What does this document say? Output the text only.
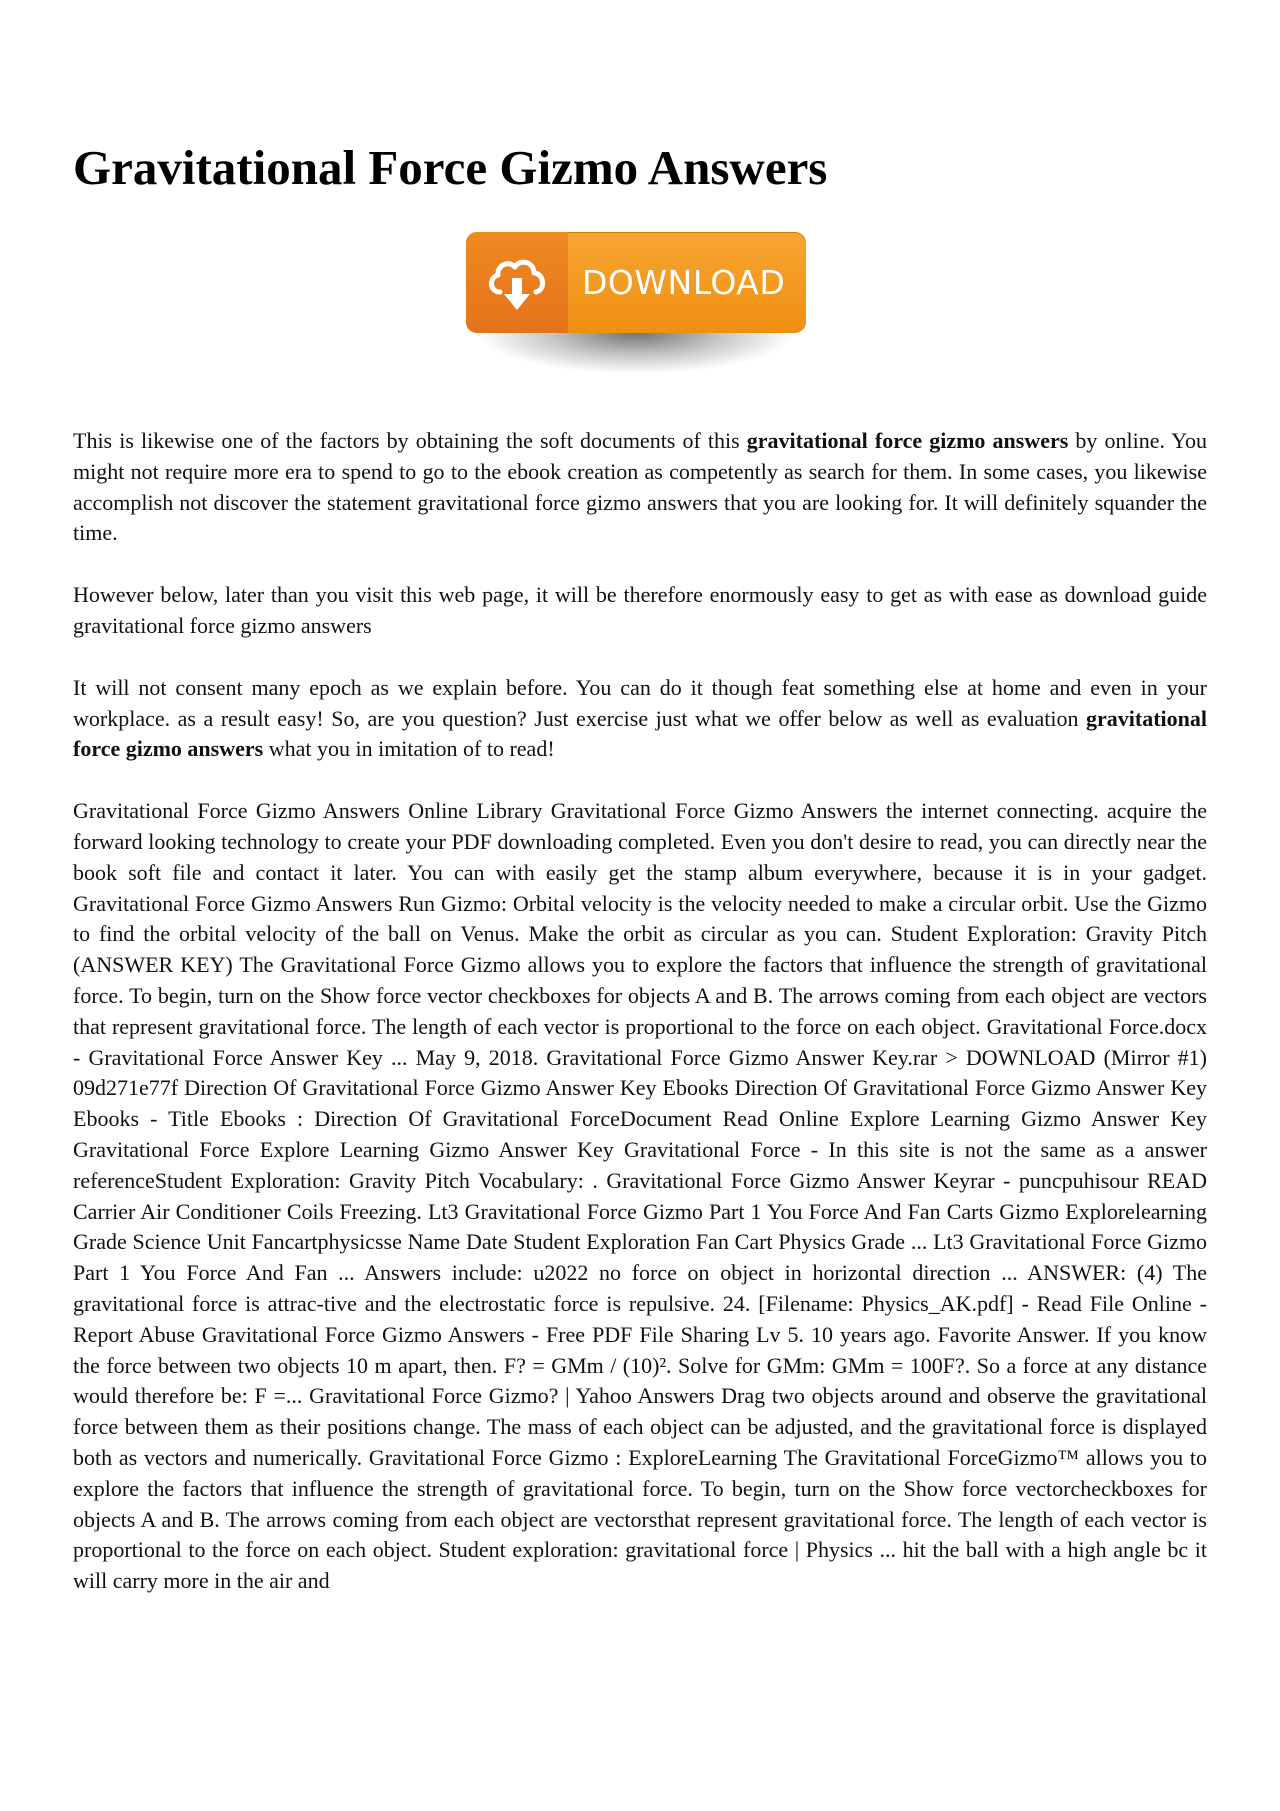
Gravitational Force Gizmo Answers
DOWNLOAD

This is likewise one of the factors by obtaining the soft documents of this gravitational force gizmo answers by online. You might not require more era to spend to go to the ebook creation as competently as search for them. In some cases, you likewise accomplish not discover the statement gravitational force gizmo answers that you are looking for. It will definitely squander the time.

However below, later than you visit this web page, it will be therefore enormously easy to get as with ease as download guide gravitational force gizmo answers

It will not consent many epoch as we explain before. You can do it though feat something else at home and even in your workplace. as a result easy! So, are you question? Just exercise just what we offer below as well as evaluation gravitational force gizmo answers what you in imitation of to read!

Gravitational Force Gizmo Answers Online Library Gravitational Force Gizmo Answers the internet connecting. acquire the forward looking technology to create your PDF downloading completed. Even you don't desire to read, you can directly near the book soft file and contact it later. You can with easily get the stamp album everywhere, because it is in your gadget. Gravitational Force Gizmo Answers Run Gizmo: Orbital velocity is the velocity needed to make a circular orbit. Use the Gizmo to find the orbital velocity of the ball on Venus. Make the orbit as circular as you can. Student Exploration: Gravity Pitch (ANSWER KEY) The Gravitational Force Gizmo allows you to explore the factors that influence the strength of gravitational force. To begin, turn on the Show force vector checkboxes for objects A and B. The arrows coming from each object are vectors that represent gravitational force. The length of each vector is proportional to the force on each object. Gravitational Force.docx - Gravitational Force Answer Key ... May 9, 2018. Gravitational Force Gizmo Answer Key.rar > DOWNLOAD (Mirror #1) 09d271e77f Direction Of Gravitational Force Gizmo Answer Key Ebooks Direction Of Gravitational Force Gizmo Answer Key Ebooks - Title Ebooks : Direction Of Gravitational ForceDocument Read Online Explore Learning Gizmo Answer Key Gravitational Force Explore Learning Gizmo Answer Key Gravitational Force - In this site is not the same as a answer referenceStudent Exploration: Gravity Pitch Vocabulary: . Gravitational Force Gizmo Answer Keyrar - puncpuhisour READ Carrier Air Conditioner Coils Freezing. Lt3 Gravitational Force Gizmo Part 1 You Force And Fan Carts Gizmo Explorelearning Grade Science Unit Fancartphysicsse Name Date Student Exploration Fan Cart Physics Grade ... Lt3 Gravitational Force Gizmo Part 1 You Force And Fan ... Answers include: u2022 no force on object in horizontal direction ... ANSWER: (4) The gravitational force is attrac-tive and the electrostatic force is repulsive. 24. [Filename: Physics_AK.pdf] - Read File Online - Report Abuse Gravitational Force Gizmo Answers - Free PDF File Sharing Lv 5. 10 years ago. Favorite Answer. If you know the force between two objects 10 m apart, then. F? = GMm / (10)². Solve for GMm: GMm = 100F?. So a force at any distance would therefore be: F =... Gravitational Force Gizmo? | Yahoo Answers Drag two objects around and observe the gravitational force between them as their positions change. The mass of each object can be adjusted, and the gravitational force is displayed both as vectors and numerically. Gravitational Force Gizmo : ExploreLearning The Gravitational ForceGizmo™ allows you to explore the factors that influence the strength of gravitational force. To begin, turn on the Show force vectorcheckboxes for objects A and B. The arrows coming from each object are vectorsthat represent gravitational force. The length of each vector is proportional to the force on each object. Student exploration: gravitational force | Physics ... hit the ball with a high angle bc it will carry more in the air and
